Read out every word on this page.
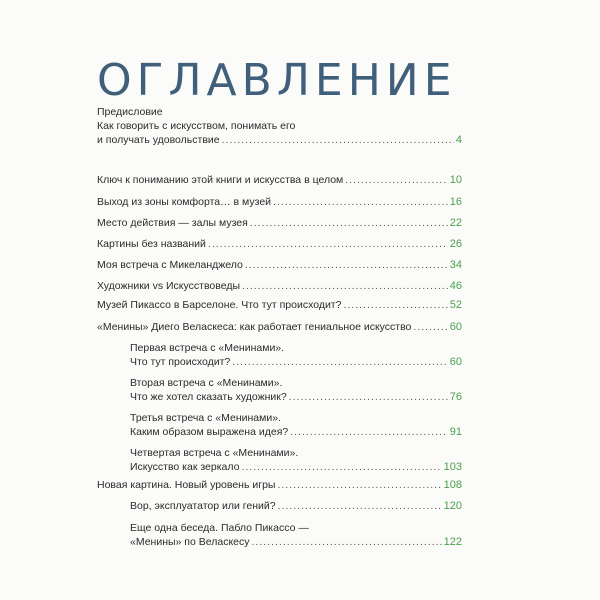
ОГЛАВЛЕНИЕ
Предисловие
Как говорить с искусством, понимать его
и получать удовольствие .....	4
Ключ к пониманию этой книги и искусства в целом .....	10
Выход из зоны комфорта… в музей .....	16
Место действия — залы музея .....	22
Картины без названий .....	26
Моя встреча с Микеланджело .....	34
Художники vs Искусствоведы .....	46
Музей Пикассо в Барселоне. Что тут происходит? .....	52
«Менины» Диего Веласкеса: как работает гениальное искусство .....	60
Первая встреча с «Менинами».
Что тут происходит? .....	60
Вторая встреча с «Менинами».
Что же хотел сказать художник? .....	76
Третья встреча с «Менинами».
Каким образом выражена идея? .....	91
Четвертая встреча с «Менинами».
Искусство как зеркало .....	103
Новая картина. Новый уровень игры .....	108
Вор, эксплуататор или гений? .....	120
Еще одна беседа. Пабло Пикассо —
«Менины» по Веласкесу .....	122
